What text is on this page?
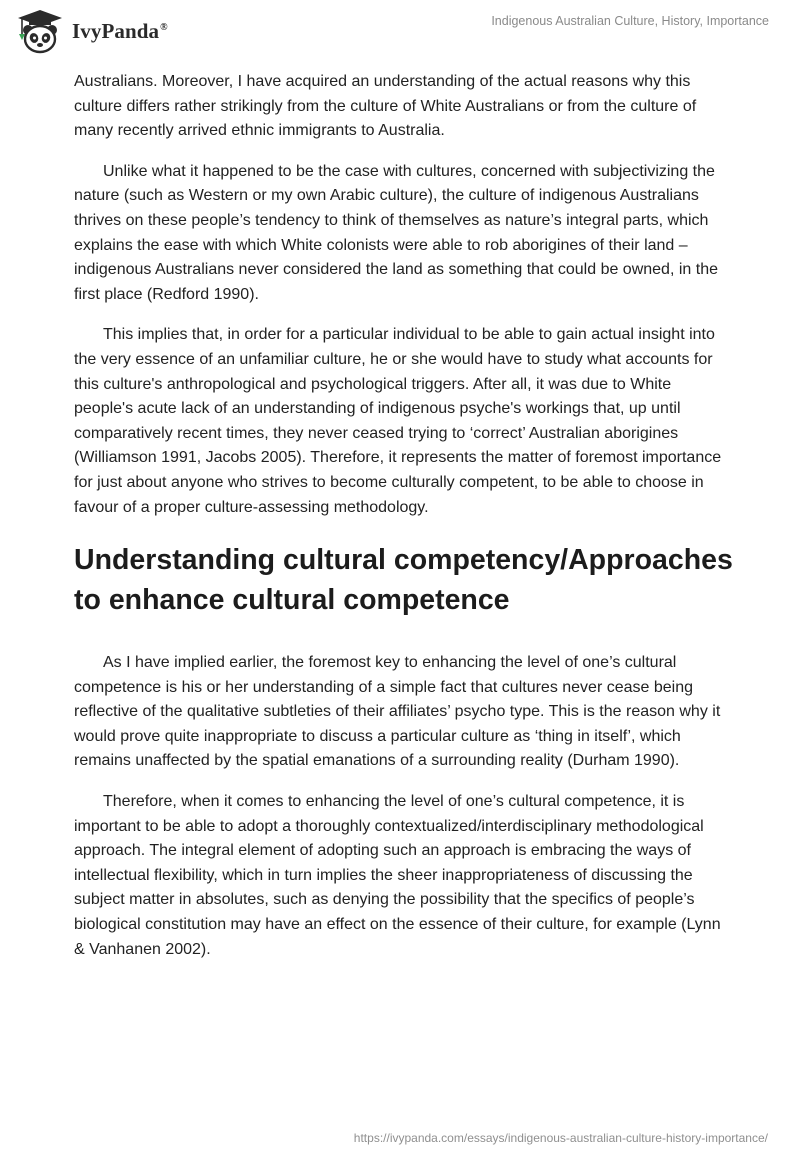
IvyPanda®	Indigenous Australian Culture, History, Importance

Australians. Moreover, I have acquired an understanding of the actual reasons why this culture differs rather strikingly from the culture of White Australians or from the culture of many recently arrived ethnic immigrants to Australia.

Unlike what it happened to be the case with cultures, concerned with subjectivizing the nature (such as Western or my own Arabic culture), the culture of indigenous Australians thrives on these people’s tendency to think of themselves as nature’s integral parts, which explains the ease with which White colonists were able to rob aborigines of their land – indigenous Australians never considered the land as something that could be owned, in the first place (Redford 1990).

This implies that, in order for a particular individual to be able to gain actual insight into the very essence of an unfamiliar culture, he or she would have to study what accounts for this culture's anthropological and psychological triggers. After all, it was due to White people's acute lack of an understanding of indigenous psyche's workings that, up until comparatively recent times, they never ceased trying to ‘correct’ Australian aborigines (Williamson 1991, Jacobs 2005). Therefore, it represents the matter of foremost importance for just about anyone who strives to become culturally competent, to be able to choose in favour of a proper culture-assessing methodology.

Understanding cultural competency/Approaches to enhance cultural competence

As I have implied earlier, the foremost key to enhancing the level of one’s cultural competence is his or her understanding of a simple fact that cultures never cease being reflective of the qualitative subtleties of their affiliates’ psycho type. This is the reason why it would prove quite inappropriate to discuss a particular culture as ‘thing in itself’, which remains unaffected by the spatial emanations of a surrounding reality (Durham 1990).

Therefore, when it comes to enhancing the level of one’s cultural competence, it is important to be able to adopt a thoroughly contextualized/interdisciplinary methodological approach. The integral element of adopting such an approach is embracing the ways of intellectual flexibility, which in turn implies the sheer inappropriateness of discussing the subject matter in absolutes, such as denying the possibility that the specifics of people’s biological constitution may have an effect on the essence of their culture, for example (Lynn & Vanhanen 2002).

https://ivypanda.com/essays/indigenous-australian-culture-history-importance/
